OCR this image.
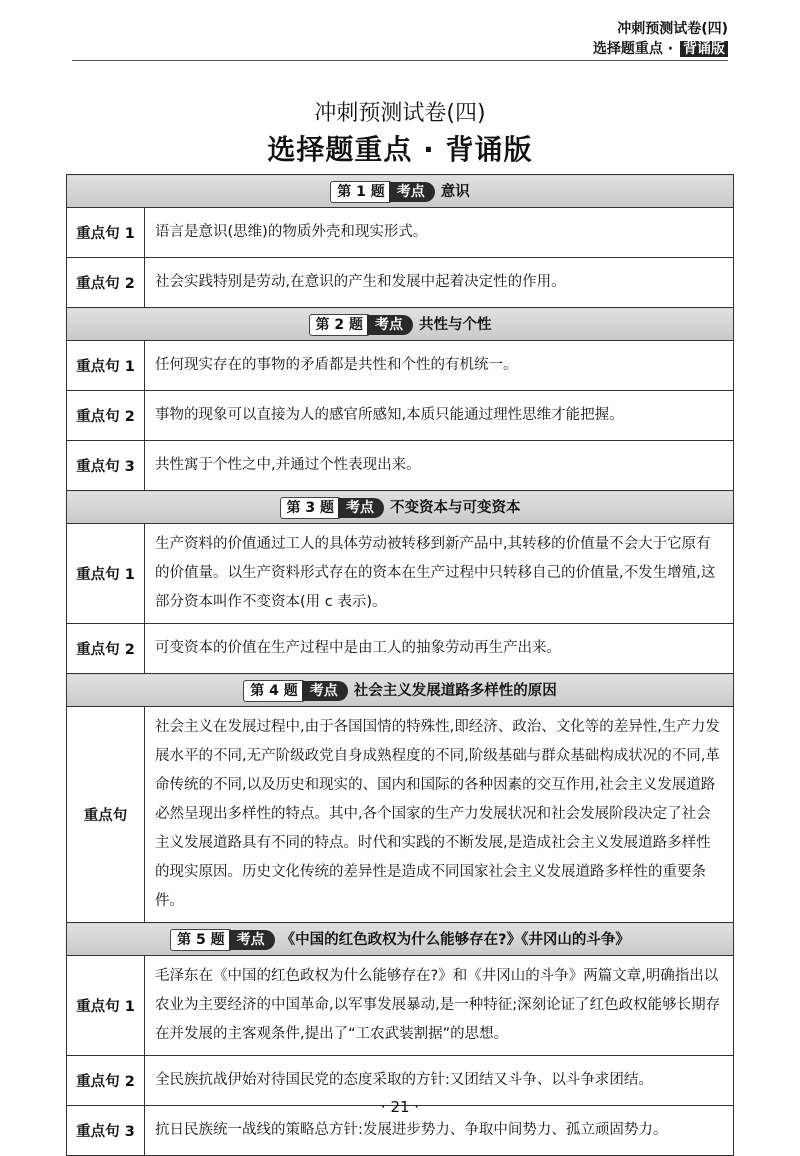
冲刺预测试卷(四)
选择题重点 · 背诵版
冲刺预测试卷(四)
选择题重点 · 背诵版
第 1 题 考点 意识	
重点句 1	语言是意识(思维)的物质外壳和现实形式。
重点句 2	社会实践特别是劳动,在意识的产生和发展中起着决定性的作用。
第 2 题 考点 共性与个性	
重点句 1	任何现实存在的事物的矛盾都是共性和个性的有机统一。
重点句 2	事物的现象可以直接为人的感官所感知,本质只能通过理性思维才能把握。
重点句 3	共性寓于个性之中,并通过个性表现出来。
第 3 题 考点 不变资本与可变资本	
重点句 1	生产资料的价值通过工人的具体劳动被转移到新产品中,其转移的价值量不会大于它原有的价值量。以生产资料形式存在的资本在生产过程中只转移自己的价值量,不发生增殖,这部分资本叫作不变资本(用 c 表示)。
重点句 2	可变资本的价值在生产过程中是由工人的抽象劳动再生产出来。
第 4 题 考点 社会主义发展道路多样性的原因	
重点句	社会主义在发展过程中,由于各国国情的特殊性,即经济、政治、文化等的差异性,生产力发展水平的不同,无产阶级政党自身成熟程度的不同,阶级基础与群众基础构成状况的不同,革命传统的不同,以及历史和现实的、国内和国际的各种因素的交互作用,社会主义发展道路必然呈现出多样性的特点。其中,各个国家的生产力发展状况和社会发展阶段决定了社会主义发展道路具有不同的特点。时代和实践的不断发展,是造成社会主义发展道路多样性的现实原因。历史文化传统的差异性是造成不同国家社会主义发展道路多样性的重要条件。
第 5 题 考点 《中国的红色政权为什么能够存在?》《井冈山的斗争》	
重点句 1	毛泽东在《中国的红色政权为什么能够存在?》和《井冈山的斗争》两篇文章,明确指出以农业为主要经济的中国革命,以军事发展暴动,是一种特征;深刻论证了红色政权能够长期存在并发展的主客观条件,提出了“工农武装割据”的思想。
重点句 2	全民族抗战伊始对待国民党的态度采取的方针:又团结又斗争、以斗争求团结。
重点句 3	抗日民族统一战线的策略总方针:发展进步势力、争取中间势力、孤立顽固势力。
· 21 ·
